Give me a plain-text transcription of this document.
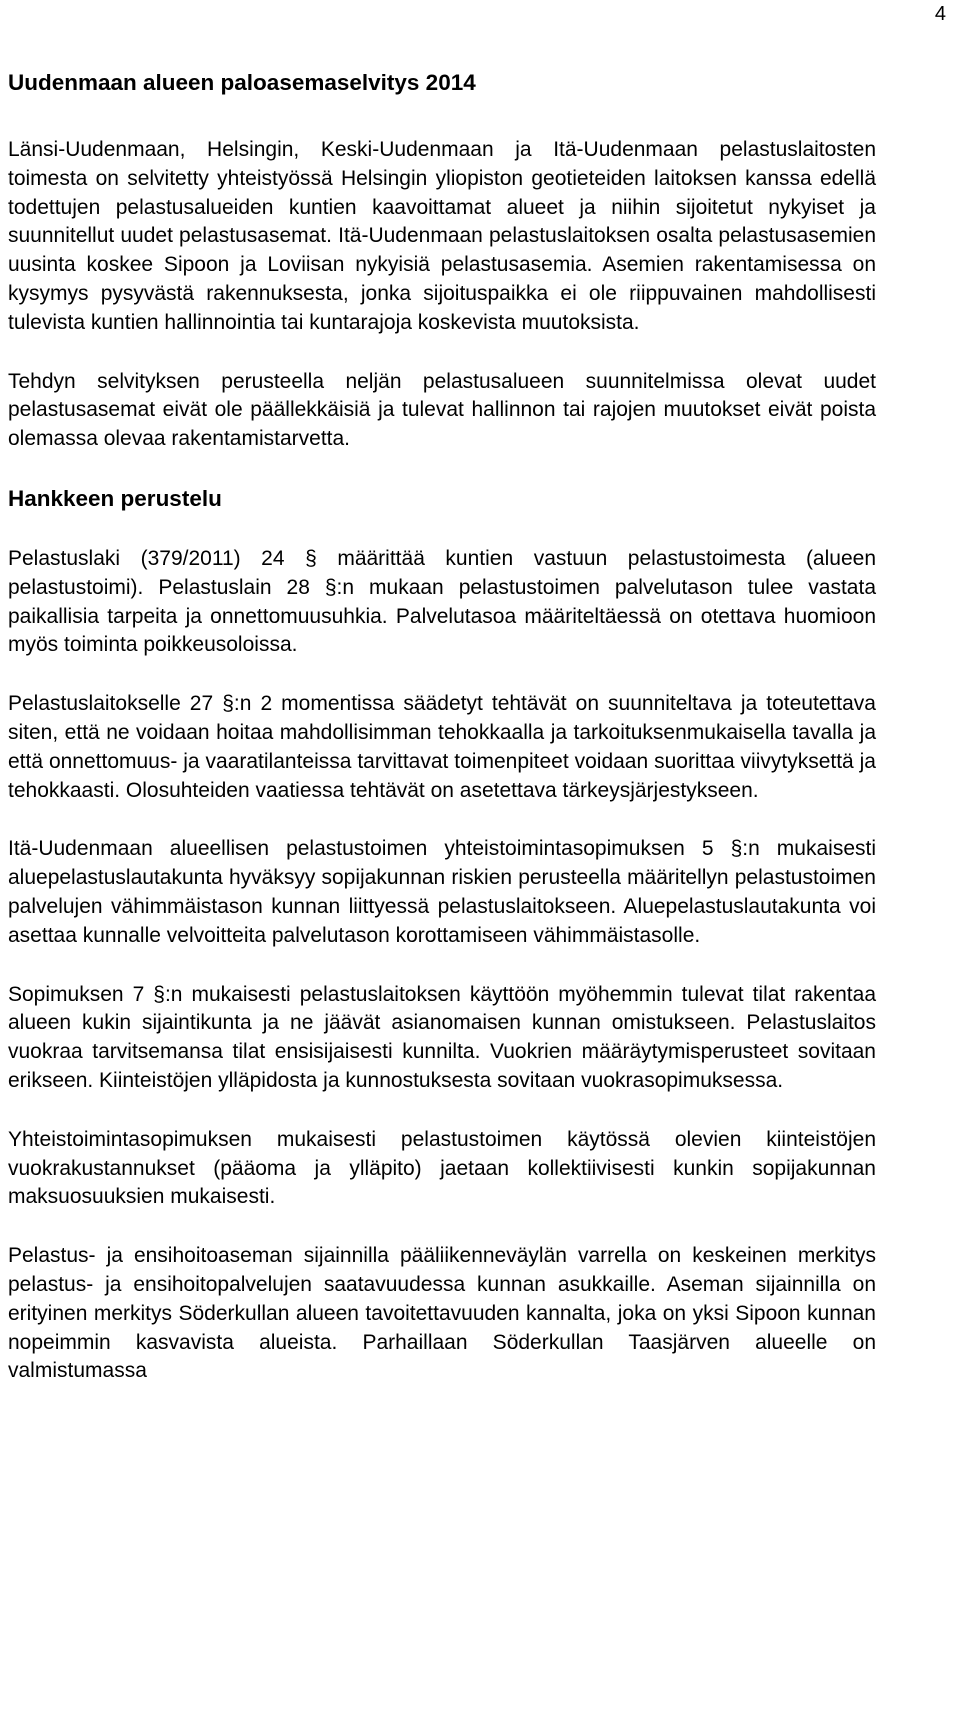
4
Uudenmaan alueen paloasemaselvitys 2014

Länsi-Uudenmaan, Helsingin, Keski-Uudenmaan ja Itä-Uudenmaan pelastuslaitosten toimesta on selvitetty yhteistyössä Helsingin yliopiston geotieteiden laitoksen kanssa edellä todettujen pelastusalueiden kuntien kaavoittamat alueet ja niihin sijoitetut nykyiset ja suunnitellut uudet pelastusasemat. Itä-Uudenmaan pelastuslaitoksen osalta pelastusasemien uusinta koskee Sipoon ja Loviisan nykyisiä pelastusasemia. Asemien rakentamisessa on kysymys pysyvästä rakennuksesta, jonka sijoituspaikka ei ole riippuvainen mahdollisesti tulevista kuntien hallinnointia tai kuntarajoja koskevista muutoksista.

Tehdyn selvityksen perusteella neljän pelastusalueen suunnitelmissa olevat uudet pelastusasemat eivät ole päällekkäisiä ja tulevat hallinnon tai rajojen muutokset eivät poista olemassa olevaa rakentamistarvetta.

Hankkeen perustelu

Pelastuslaki (379/2011) 24 § määrittää kuntien vastuun pelastustoimesta (alueen pelastustoimi). Pelastuslain 28 §:n mukaan pelastustoimen palvelutason tulee vastata paikallisia tarpeita ja onnettomuusuhkia. Palvelutasoa määriteltäessä on otettava huomioon myös toiminta poikkeusoloissa.

Pelastuslaitokselle 27 §:n 2 momentissa säädetyt tehtävät on suunniteltava ja toteutettava siten, että ne voidaan hoitaa mahdollisimman tehokkaalla ja tarkoituksenmukaisella tavalla ja että onnettomuus- ja vaaratilanteissa tarvittavat toimenpiteet voidaan suorittaa viivytyksettä ja tehokkaasti. Olosuhteiden vaatiessa tehtävät on asetettava tärkeysjärjestykseen.

Itä-Uudenmaan alueellisen pelastustoimen yhteistoimintasopimuksen 5 §:n mukaisesti aluepelastuslautakunta hyväksyy sopijakunnan riskien perusteella määritellyn pelastustoimen palvelujen vähimmäistason kunnan liittyessä pelastuslaitokseen. Aluepelastuslautakunta voi asettaa kunnalle velvoitteita palvelutason korottamiseen vähimmäistasolle.

Sopimuksen 7 §:n mukaisesti pelastuslaitoksen käyttöön myöhemmin tulevat tilat rakentaa alueen kukin sijaintikunta ja ne jäävät asianomaisen kunnan omistukseen. Pelastuslaitos vuokraa tarvitsemansa tilat ensisijaisesti kunnilta. Vuokrien määräytymisperusteet sovitaan erikseen. Kiinteistöjen ylläpidosta ja kunnostuksesta sovitaan vuokrasopimuksessa.

Yhteistoimintasopimuksen mukaisesti pelastustoimen käytössä olevien kiinteistöjen vuokrakustannukset (pääoma ja ylläpito) jaetaan kollektiivisesti kunkin sopijakunnan maksuosuuksien mukaisesti.

Pelastus- ja ensihoitoaseman sijainnilla pääliikenneväylän varrella on keskeinen merkitys pelastus- ja ensihoitopalvelujen saatavuudessa kunnan asukkaille. Aseman sijainnilla on erityinen merkitys Söderkullan alueen tavoitettavuuden kannalta, joka on yksi Sipoon kunnan nopeimmin kasvavista alueista. Parhaillaan Söderkullan Taasjärven alueelle on valmistumassa
